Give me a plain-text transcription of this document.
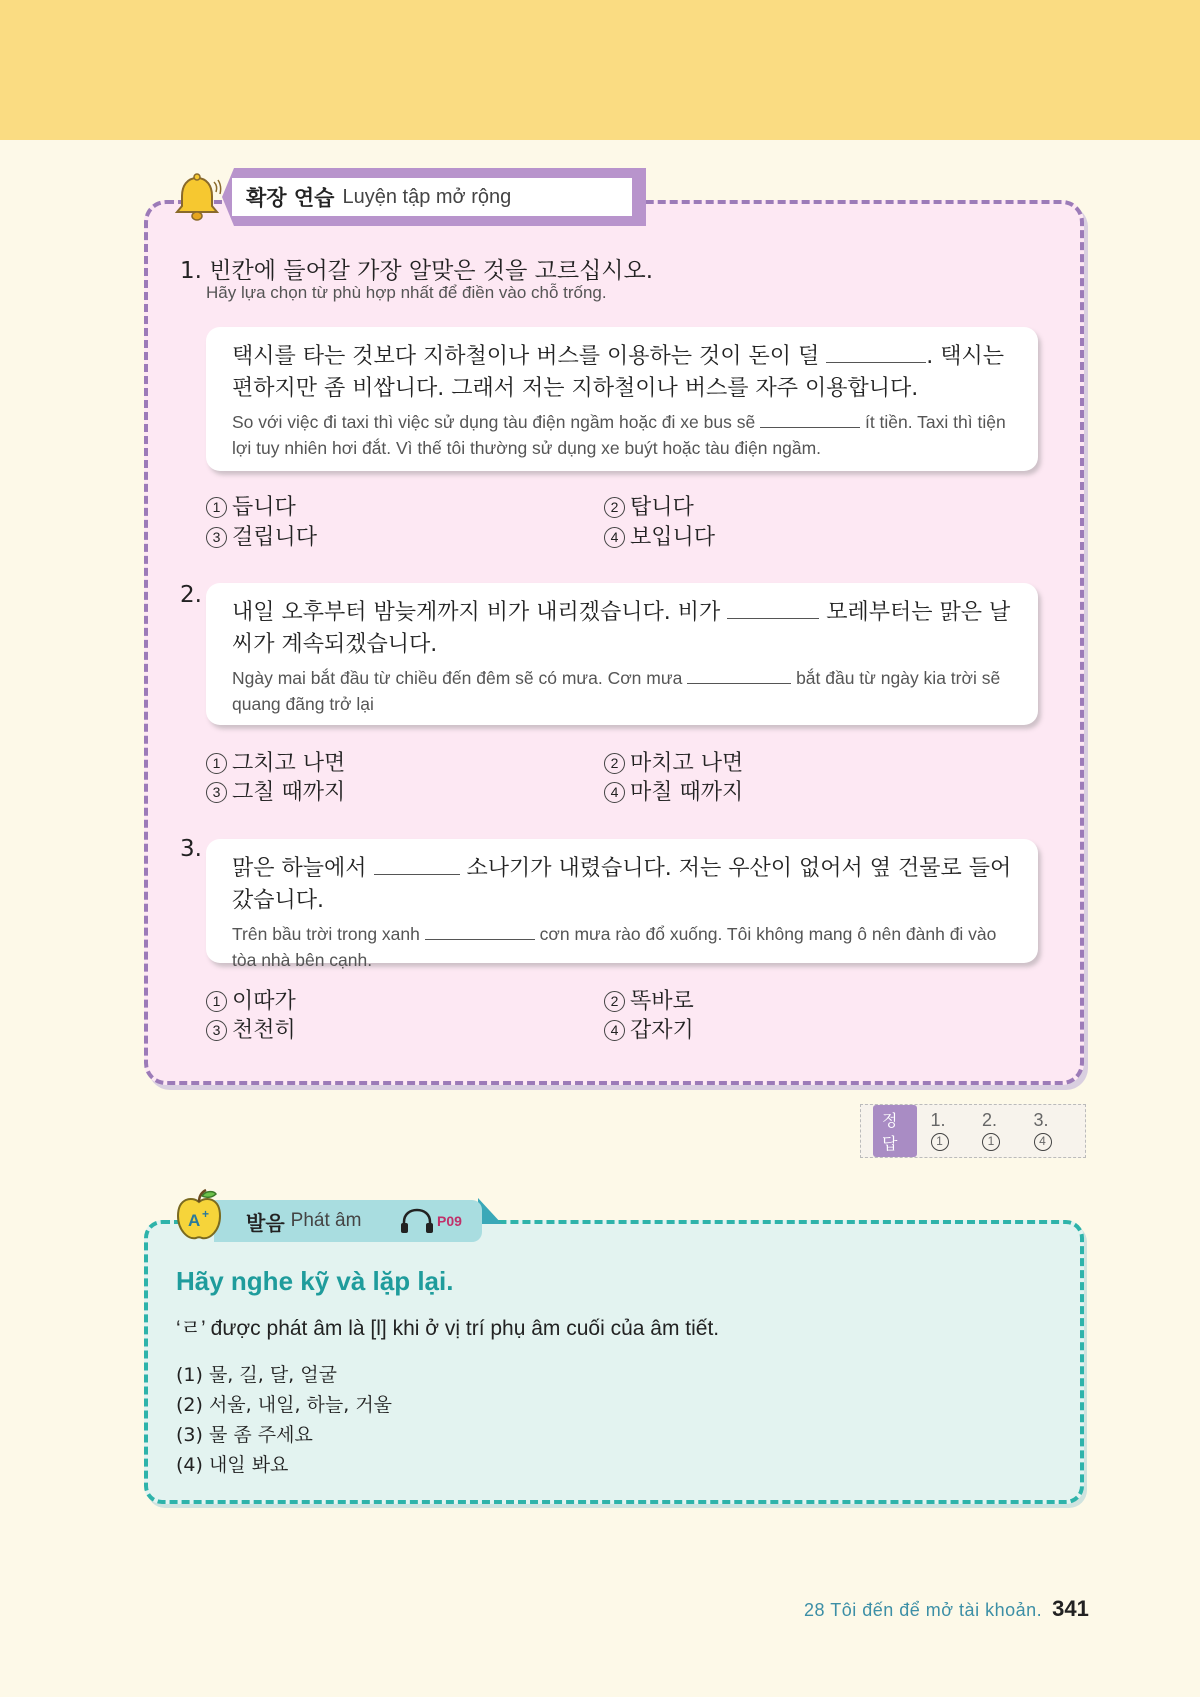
확장 연습 Luyện tập mở rộng
1. 빈칸에 들어갈 가장 알맞은 것을 고르십시오.
Hãy lựa chọn từ phù hợp nhất để điền vào chỗ trống.
택시를 타는 것보다 지하철이나 버스를 이용하는 것이 돈이 덜	. 택시는 편하지만 좀 비쌉니다. 그래서 저는 지하철이나 버스를 자주 이용합니다.
So với việc đi taxi thì việc sử dụng tàu điện ngầm hoặc đi xe bus sẽ	ít tiền. Taxi thì tiện lợi tuy nhiên hơi đắt. Vì thế tôi thường sử dụng xe buýt hoặc tàu điện ngầm.
1 듭니다	2 탑니다
3 걸립니다	4 보입니다
2.
내일 오후부터 밤늦게까지 비가 내리겠습니다. 비가	모레부터는 맑은 날씨가 계속되겠습니다.
Ngày mai bắt đầu từ chiều đến đêm sẽ có mưa. Cơn mưa	bắt đầu từ ngày kia trời sẽ quang đãng trở lại
1 그치고 나면	2 마치고 나면
3 그칠 때까지	4 마칠 때까지
3.
맑은 하늘에서	소나기가 내렸습니다. 저는 우산이 없어서 옆 건물로 들어갔습니다.
Trên bầu trời trong xanh	cơn mưa rào đổ xuống. Tôi không mang ô nên đành đi vào tòa nhà bên cạnh.
1 이따가	2 똑바로
3 천천히	4 갑자기
정답
1. 1
2. 1
3. 4
발음 Phát âm	P09
A +
Hãy nghe kỹ và lặp lại.
‘ㄹ’ được phát âm là [l] khi ở vị trí phụ âm cuối của âm tiết.
(1) 물, 길, 달, 얼굴
(2) 서울, 내일, 하늘, 거울
(3) 물 좀 주세요
(4) 내일 봐요
28 Tôi đến để mở tài khoản. 341
